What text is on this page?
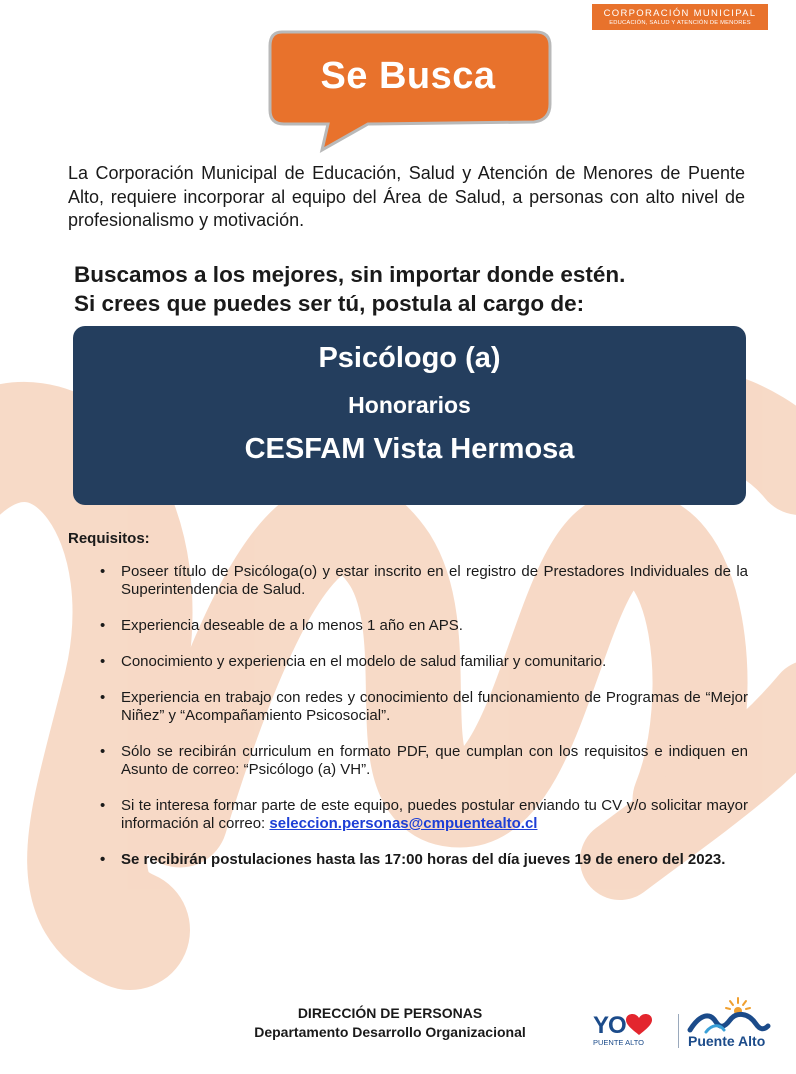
CORPORACIÓN MUNICIPAL
EDUCACIÓN, SALUD Y ATENCIÓN DE MENORES
Se Busca
La Corporación Municipal de Educación, Salud y Atención de Menores de Puente Alto, requiere incorporar al equipo del Área de Salud, a personas con alto nivel de profesionalismo y motivación.
Buscamos a los mejores, sin importar donde estén.
Si crees que puedes ser tú, postula al cargo de:
Psicólogo (a)
Honorarios
CESFAM Vista Hermosa
Requisitos:
• Poseer título de Psicóloga(o) y estar inscrito en el registro de Prestadores Individuales de la Superintendencia de Salud.
• Experiencia deseable de a lo menos 1 año en APS.
• Conocimiento y experiencia en el modelo de salud familiar y comunitario.
• Experiencia en trabajo con redes y conocimiento del funcionamiento de Programas de “Mejor Niñez” y “Acompañamiento Psicosocial”.
• Sólo se recibirán curriculum en formato PDF, que cumplan con los requisitos e indiquen en Asunto de correo: “Psicólogo (a) VH”.
• Si te interesa formar parte de este equipo, puedes postular enviando tu CV y/o solicitar mayor información al correo: seleccion.personas@cmpuentealto.cl
• Se recibirán postulaciones hasta las 17:00 horas del día jueves 19 de enero del 2023.
DIRECCIÓN DE PERSONAS
Departamento Desarrollo Organizacional	YO
PUENTE ALTO	Puente Alto
